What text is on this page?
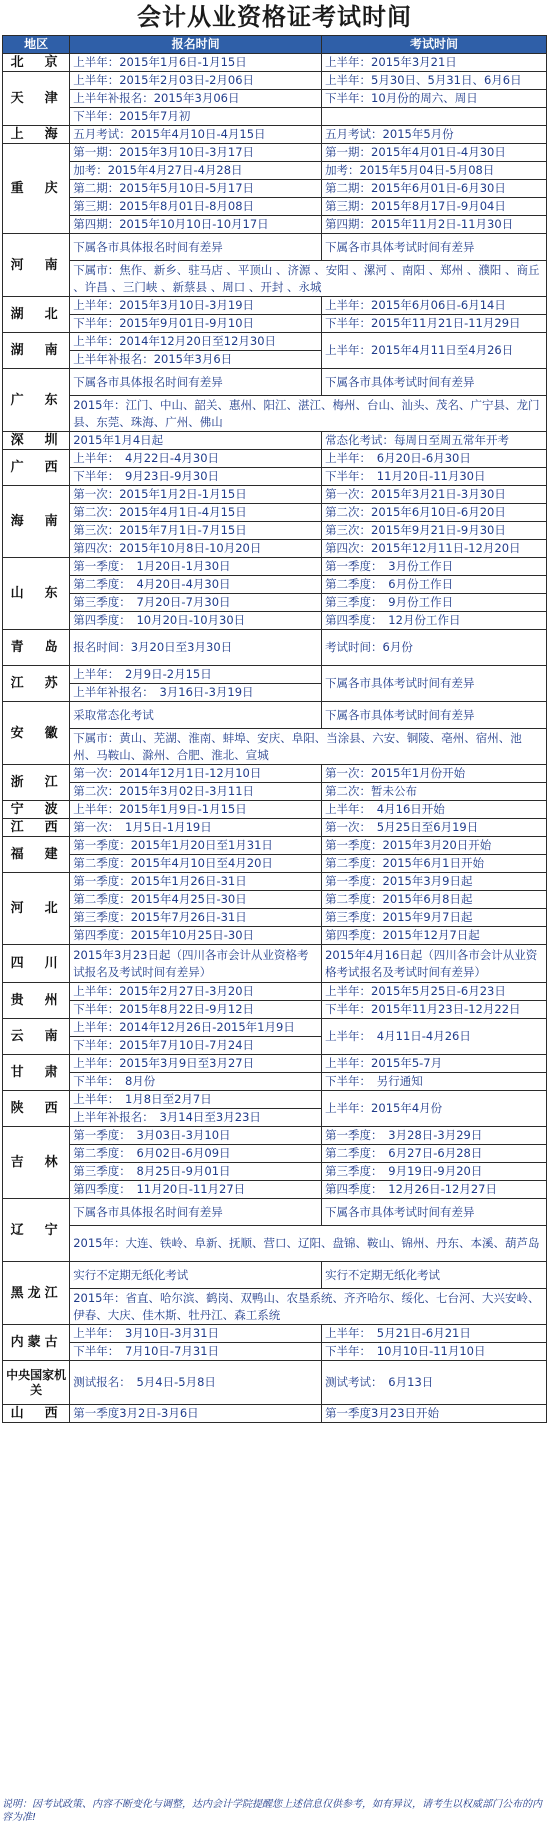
会计从业资格证考试时间
地区	报名时间	考试时间
北　京	上半年：2015年1月6日-1月15日	上半年：2015年3月21日
天　津	上半年：2015年2月03日-2月06日	上半年：5月30日、5月31日、6月6日
	上半年补报名：2015年3月06日	下半年：10月份的周六、周日
	下半年：2015年7月初	
上　海	五月考试：2015年4月10日-4月15日	五月考试：2015年5月份
重　庆	第一期：2015年3月10日-3月17日	第一期：2015年4月01日-4月30日
	加考：2015年4月27日-4月28日	加考：2015年5月04日-5月08日
	第二期：2015年5月10日-5月17日	第二期：2015年6月01日-6月30日
	第三期：2015年8月01日-8月08日	第三期：2015年8月17日-9月04日
	第四期：2015年10月10日-10月17日	第四期：2015年11月2日-11月30日
河　南	下属各市具体报名时间有差异	下属各市具体考试时间有差异
	下属市：焦作、新乡、驻马店 、平顶山 、济源 、安阳 、漯河 、南阳 、郑州 、濮阳 、商丘 、许昌 、三门峡 、新蔡县 、周口 、开封 、永城	
湖　北	上半年：2015年3月10日-3月19日	上半年：2015年6月06日-6月14日
	下半年：2015年9月01日-9月10日	下半年：2015年11月21日-11月29日
湖　南	上半年：2014年12月20日至12月30日	上半年：2015年4月11日至4月26日
	上半年补报名：2015年3月6日	
广　东	下属各市具体报名时间有差异	下属各市具体考试时间有差异
	2015年：江门、中山、韶关、惠州、阳江、湛江、梅州、台山、汕头、茂名、广宁县、龙门县、东莞、珠海、广州、佛山	
深　圳	2015年1月4日起	常态化考试：每周日至周五常年开考
广　西	上半年：　4月22日-4月30日	上半年：　6月20日-6月30日
	下半年：　9月23日-9月30日	下半年：　11月20日-11月30日
海　南	第一次：2015年1月2日-1月15日	第一次：2015年3月21日-3月30日
	第二次：2015年4月1日-4月15日	第二次：2015年6月10日-6月20日
	第三次：2015年7月1日-7月15日	第三次：2015年9月21日-9月30日
	第四次：2015年10月8日-10月20日	第四次：2015年12月11日-12月20日
山　东	第一季度：　1月20日-1月30日	第一季度：　3月份工作日
	第二季度：　4月20日-4月30日	第二季度：　6月份工作日
	第三季度：　7月20日-7月30日	第三季度：　9月份工作日
	第四季度：　10月20日-10月30日	第四季度：　12月份工作日
青　岛	报名时间：3月20日至3月30日	考试时间：6月份
江　苏	上半年：　2月9日-2月15日	下属各市具体考试时间有差异
	上半年补报名：　3月16日-3月19日	
安　徽	采取常态化考试	下属各市具体考试时间有差异
	下属市：黄山、芜湖、淮南、蚌埠、安庆、阜阳、当涂县、六安、铜陵、亳州、宿州、池州、马鞍山、滁州、合肥、淮北、宣城	
浙　江	第一次：2014年12月1日-12月10日	第一次：2015年1月份开始
	第二次：2015年3月02日-3月11日	第二次：暂未公布
宁　波	上半年：2015年1月9日-1月15日	上半年：　4月16日开始
江　西	第一次：　1月5日-1月19日	第一次：　5月25日至6月19日
福　建	第一季度：2015年1月20日至1月31日	第一季度：2015年3月20日开始
	第二季度：2015年4月10日至4月20日	第二季度：2015年6月1日开始
河　北	第一季度：2015年1月26日-31日	第一季度：2015年3月9日起
	第二季度：2015年4月25日-30日	第二季度：2015年6月8日起
	第三季度：2015年7月26日-31日	第三季度：2015年9月7日起
	第四季度：2015年10月25日-30日	第四季度：2015年12月7日起
四　川	2015年3月23日起（四川各市会计从业资格考试报名及考试时间有差异）	2015年4月16日起（四川各市会计从业资格考试报名及考试时间有差异）
贵　州	上半年：2015年2月27日-3月20日	上半年：2015年5月25日-6月23日
	下半年：2015年8月22日-9月12日	下半年：2015年11月23日-12月22日
云　南	上半年：2014年12月26日-2015年1月9日	上半年：　4月11日-4月26日
	下半年：2015年7月10日-7月24日	
甘　肃	上半年：2015年3月9日至3月27日	上半年：2015年5-7月
	下半年：　8月份	下半年：　另行通知
陕　西	上半年：　1月8日至2月7日	上半年：2015年4月份
	上半年补报名：　3月14日至3月23日	
吉　林	第一季度：　3月03日-3月10日	第一季度：　3月28日-3月29日
	第二季度：　6月02日-6月09日	第二季度：　6月27日-6月28日
	第三季度：　8月25日-9月01日	第三季度：　9月19日-9月20日
	第四季度：　11月20日-11月27日	第四季度：　12月26日-12月27日
辽　宁	下属各市具体报名时间有差异	下属各市具体考试时间有差异
	2015年：大连、铁岭、阜新、抚顺、营口、辽阳、盘锦、鞍山、锦州、丹东、本溪、葫芦岛	
黑龙江	实行不定期无纸化考试	实行不定期无纸化考试
	2015年：省直、哈尔滨、鹤岗、双鸭山、农垦系统、齐齐哈尔、绥化、七台河、大兴安岭、伊春、大庆、佳木斯、牡丹江、森工系统	
内蒙古	上半年：　3月10日-3月31日	上半年：　5月21日-6月21日
	下半年：　7月10日-7月31日	下半年：　10月10日-11月10日
中央国家机关	测试报名：　5月4日-5月8日	测试考试：　6月13日
山　西	第一季度3月2日-3月6日	第一季度3月23日开始
说明：因考试政策、内容不断变化与调整，达内会计学院提醒您上述信息仅供参考，如有异议，请考生以权威部门公布的内容为准!
